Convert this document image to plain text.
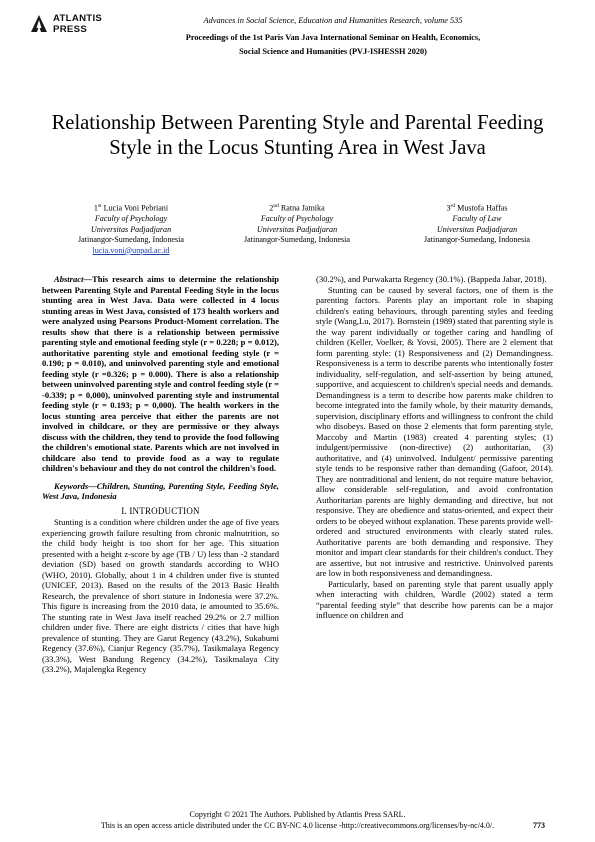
ATLANTIS
PRESS
Advances in Social Science, Education and Humanities Research, volume 535
Proceedings of the 1st Paris Van Java International Seminar on Health, Economics,
Social Science and Humanities (PVJ-ISHESSH 2020)
Relationship Between Parenting Style and Parental Feeding Style in the Locus Stunting Area in West Java
1st Lucia Voni Pebriani
Faculty of Psychology
Universitas Padjadjaran
Jatinangor-Sumedang, Indonesia
lucia.voni@unpad.ac.id
2nd Ratna Jatnika
Faculty of Psychology
Universitas Padjadjaran
Jatinangor-Sumedang, Indonesia
3rd Mustofa Haffas
Faculty of Law
Universitas Padjadjaran
Jatinangor-Sumedang, Indonesia

Abstract—This research aims to determine the relationship between Parenting Style and Parental Feeding Style in the locus stunting area in West Java. Data were collected in 4 locus stunting areas in West Java, consisted of 173 health workers and were analyzed using Pearsons Product-Moment correlation. The results show that there is a relationship between permissive parenting style and emotional feeding style (r = 0.228; p = 0.012), authoritative parenting style and emotional feeding style (r = 0.190; p = 0.010), and uninvolved parenting style and emotional feeding style (r =0.326; p = 0.000). There is also a relationship between uninvolved parenting style and control feeding style (r = -0.339; p = 0,000), uninvolved parenting style and instrumental feeding style (r = 0.193; p = 0,000). The health workers in the locus stunting area perceive that either the parents are not involved in childcare, or they are permissive or they always discuss with the children, they tend to provide the food following the children's emotional state. Parents which are not involved in childcare also tend to provide food as a way to regulate children's behaviour and they do not control the children's food.

Keywords—Children, Stunting, Parenting Style, Feeding Style, West Java, Indonesia

I. INTRODUCTION

Stunting is a condition where children under the age of five years experiencing growth failure resulting from chronic malnutrition, so the child body height is too short for her age. This situation presented with a height z-score by age (TB / U) less than -2 standard deviation (SD) based on growth standards according to WHO (WHO, 2010). Globally, about 1 in 4 children under five is stunted (UNICEF, 2013). Based on the results of the 2013 Basic Health Research, the prevalence of short stature in Indonesia were 37.2%. This figure is increasing from the 2010 data, ie amounted to 35.6%. The stunting rate in West Java itself reached 29.2% or 2.7 million children under five. There are eight districts / cities that have high prevalence of stunting. They are Garut Regency (43.2%), Sukabumi Regency (37.6%), Cianjur Regency (35.7%), Tasikmalaya Regency (33.3%), West Bandung Regency (34.2%), Tasikmalaya City (33.2%), Majalengka Regency

(30.2%), and Purwakarta Regency (30.1%). (Bappeda Jabar, 2018).

Stunting can be caused by several factors, one of them is the parenting factors. Parents play an important role in shaping children's eating behaviours, through parenting styles and feeding style (Wang,Lu, 2017). Bornstein (1989) stated that parenting style is the way parent individually or together caring and handling of children (Keller, Voelker, & Yovsi, 2005). There are 2 element that form parenting style: (1) Responsiveness and (2) Demandingness. Responsiveness is a term to describe parents who intentionally foster individuality, self-regulation, and self-assertion by being attuned, supportive, and acquiescent to children's special needs and demands. Demandingness is a term to describe how parents make children to become integrated into the family whole, by their maturity demands, supervision, disciplinary efforts and willingness to confront the child who disobeys. Based on those 2 elements that form parenting style, Maccoby and Martin (1983) created 4 parenting styles; (1) indulgent/permissive (non-directive) (2) authoritarian, (3) authoritative, and (4) uninvolved. Indulgent/ permissive parenting style tends to be responsive rather than demanding (Gafoor, 2014). They are nontraditional and lenient, do not require mature behavior, allow considerable self-regulation, and avoid confrontation Authoritarian parents are highly demanding and directive, but not responsive. They are obedience and status-oriented, and expect their orders to be obeyed without explanation. These parents provide well-ordered and structured environments with clearly stated rules. Authoritative parents are both demanding and responsive. They monitor and impart clear standards for their children's conduct. They are assertive, but not intrusive and restrictive. Uninvolved parents are low in both responsiveness and demandingness.

Particularly, based on parenting style that parent usually apply when interacting with children, Wardle (2002) stated a term “parental feeding style” that describe how parents can be a major influence on children and

Copyright © 2021 The Authors. Published by Atlantis Press SARL.
This is an open access article distributed under the CC BY-NC 4.0 license -http://creativecommons.org/licenses/by-nc/4.0/.	773
